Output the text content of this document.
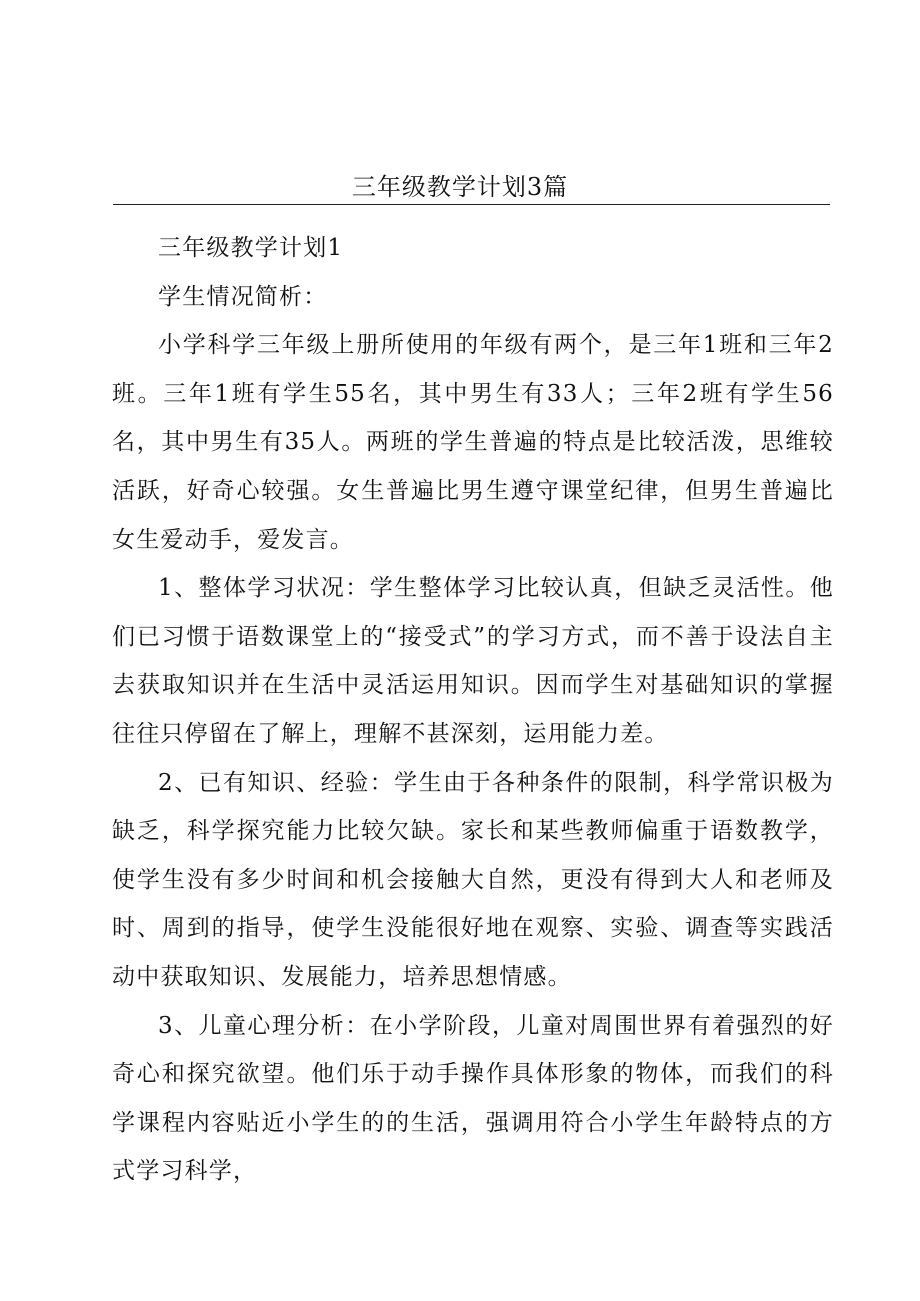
三年级教学计划3篇

三年级教学计划1

学生情况简析：

小学科学三年级上册所使用的年级有两个，是三年1班和三年2班。三年1班有学生55名，其中男生有33人；三年2班有学生56名，其中男生有35人。两班的学生普遍的特点是比较活泼，思维较活跃，好奇心较强。女生普遍比男生遵守课堂纪律，但男生普遍比女生爱动手，爱发言。

1、整体学习状况：学生整体学习比较认真，但缺乏灵活性。他们已习惯于语数课堂上的“接受式”的学习方式，而不善于设法自主去获取知识并在生活中灵活运用知识。因而学生对基础知识的掌握往往只停留在了解上，理解不甚深刻，运用能力差。

2、已有知识、经验：学生由于各种条件的限制，科学常识极为缺乏，科学探究能力比较欠缺。家长和某些教师偏重于语数教学，使学生没有多少时间和机会接触大自然，更没有得到大人和老师及时、周到的指导，使学生没能很好地在观察、实验、调查等实践活动中获取知识、发展能力，培养思想情感。

3、儿童心理分析：在小学阶段，儿童对周围世界有着强烈的好奇心和探究欲望。他们乐于动手操作具体形象的物体，而我们的科学课程内容贴近小学生的的生活，强调用符合小学生年龄特点的方式学习科学，
